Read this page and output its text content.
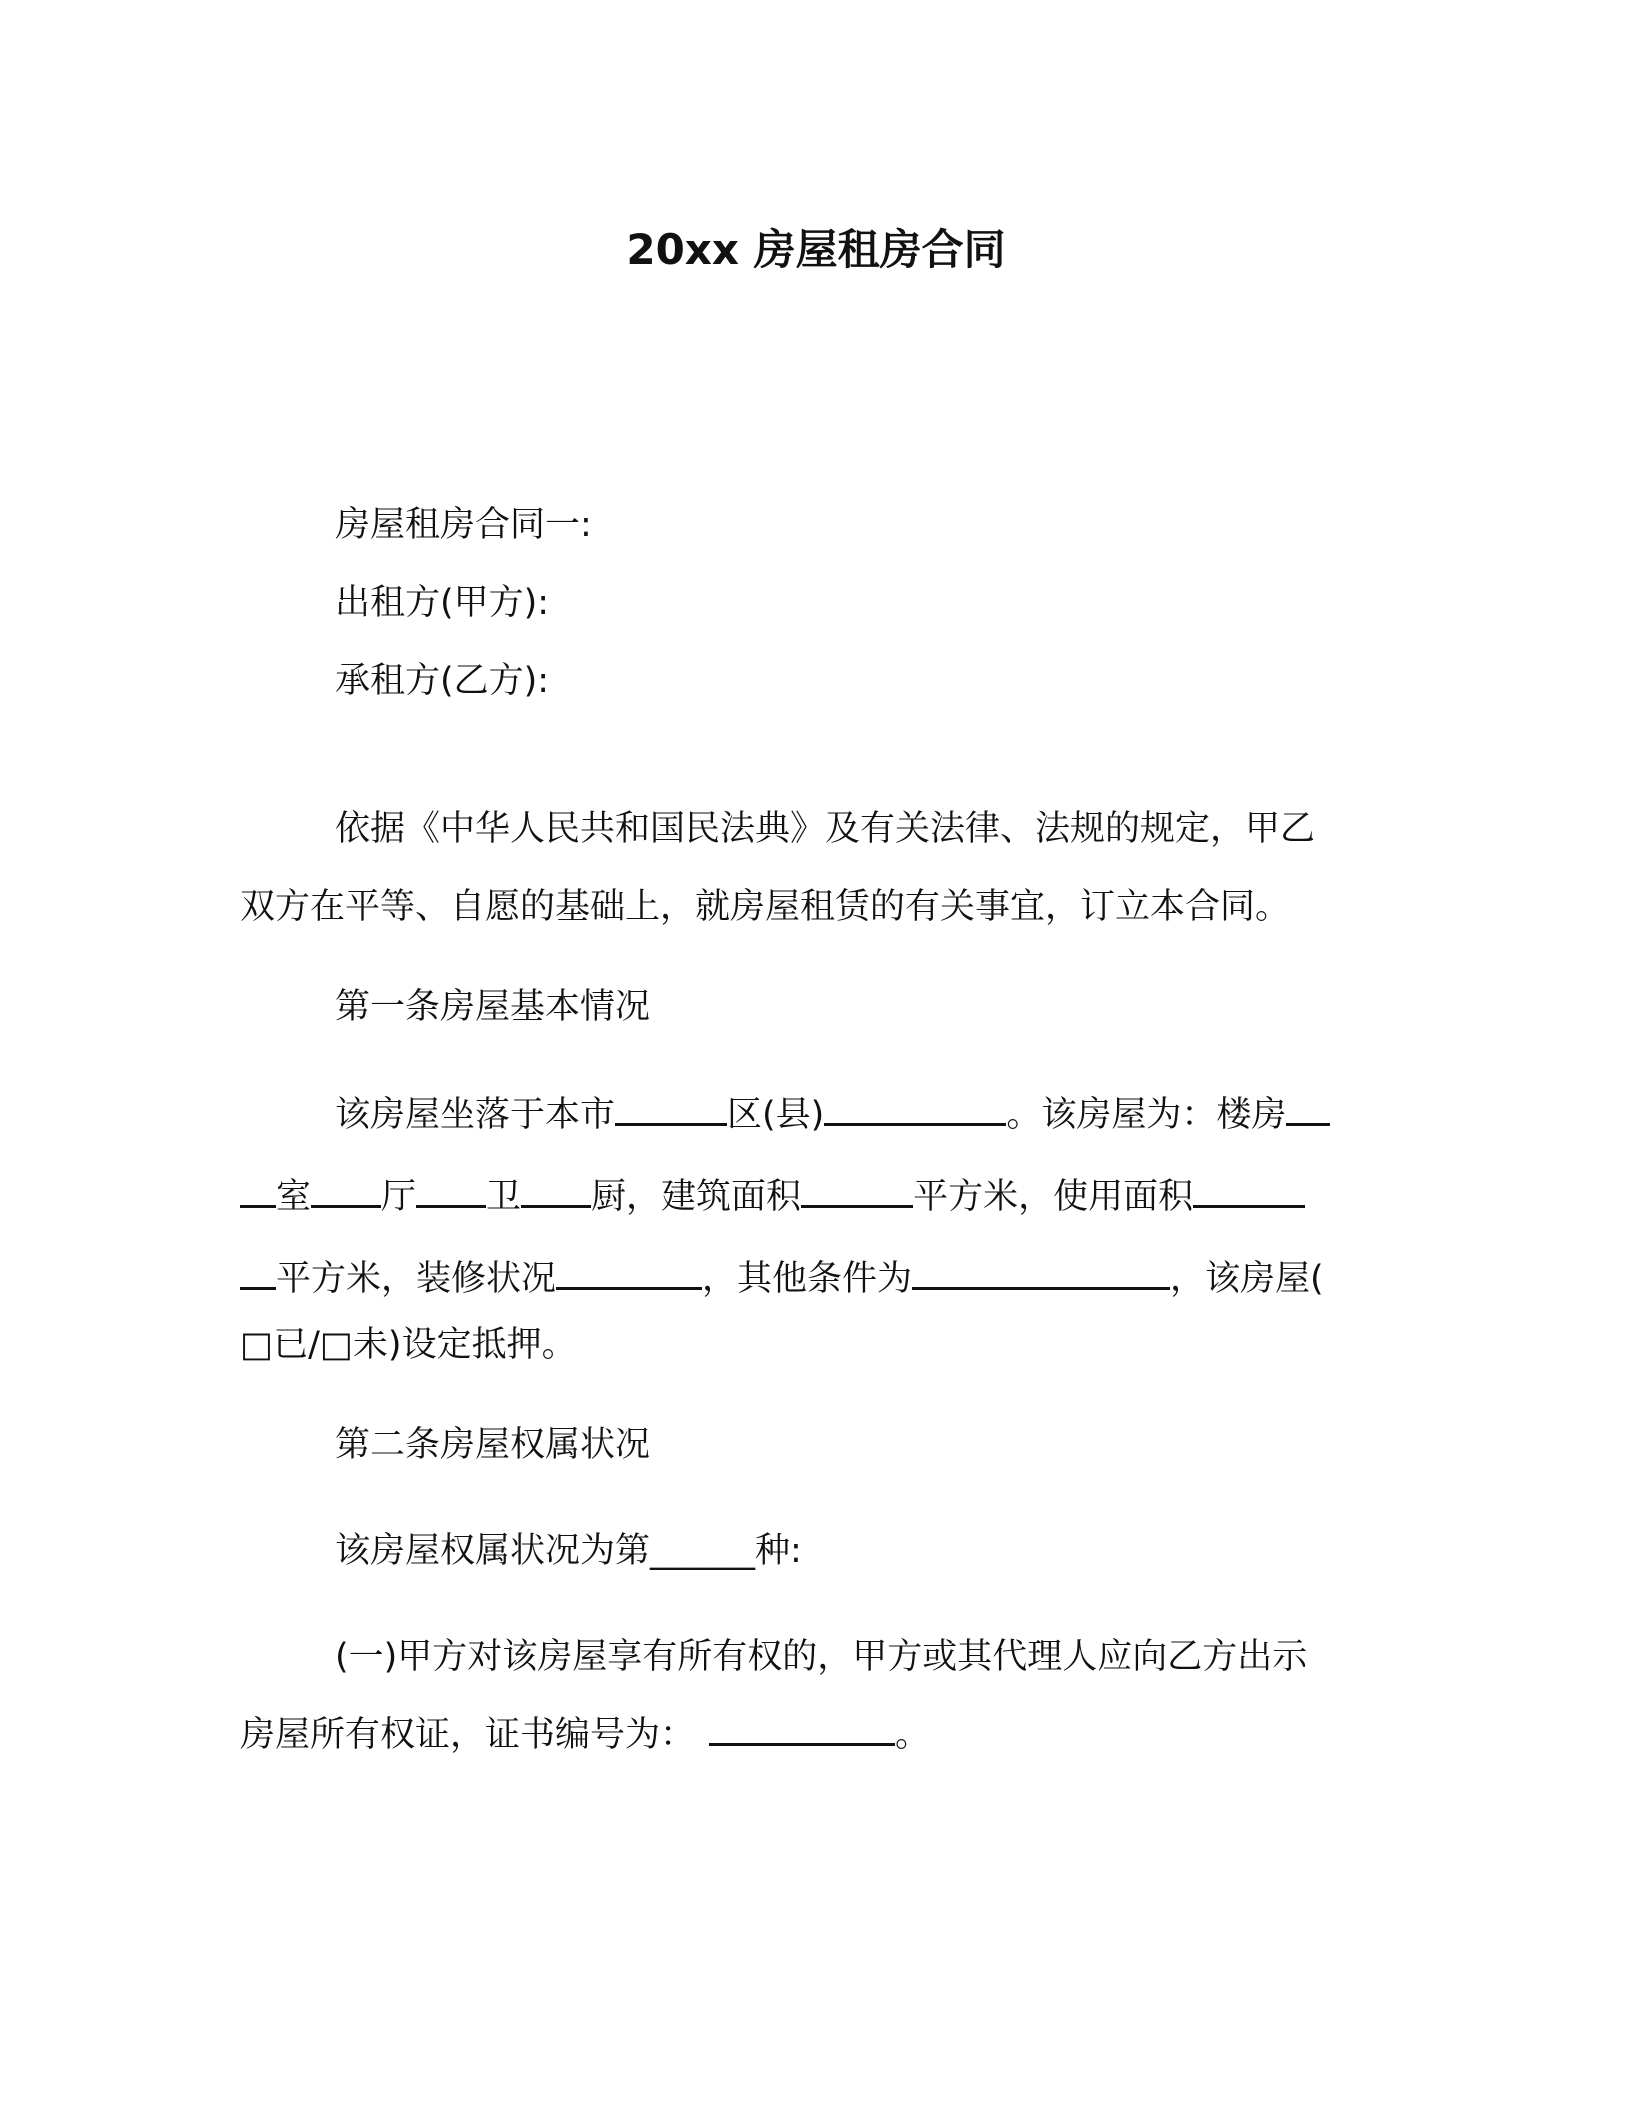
20xx 房屋租房合同

房屋租房合同一:

出租方(甲方):

承租方(乙方):

依据《中华人民共和国民法典》及有关法律、法规的规定，甲乙
双方在平等、自愿的基础上，就房屋租赁的有关事宜，订立本合同。

第一条房屋基本情况

该房屋坐落于本市	区(县)	。该房屋为：楼房
室 厅 卫 厨，建筑面积	平方米，使用面积
平方米，装修状况	，其他条件为	，该房屋(
□已/□未)设定抵押。

第二条房屋权属状况

该房屋权属状况为第______种:

(一)甲方对该房屋享有所有权的，甲方或其代理人应向乙方出示
房屋所有权证，证书编号为：	。
